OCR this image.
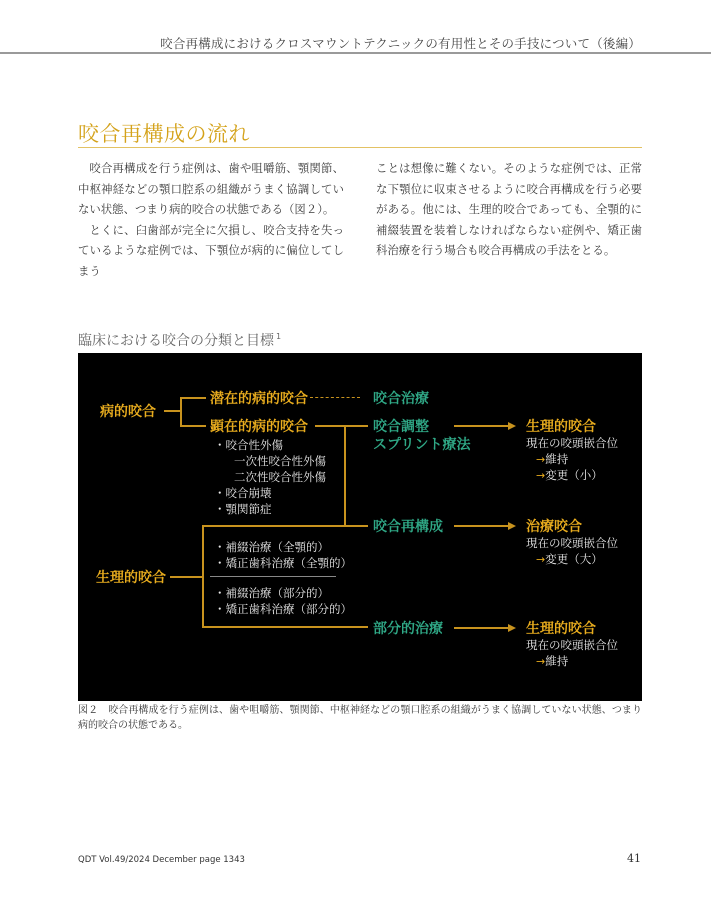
咬合再構成におけるクロスマウントテクニックの有用性とその手技について（後編）
咬合再構成の流れ

咬合再構成を行う症例は、歯や咀嚼筋、顎関節、中枢神経などの顎口腔系の組織がうまく協調していない状態、つまり病的咬合の状態である（図２）。

とくに、臼歯部が完全に欠損し、咬合支持を失っているような症例では、下顎位が病的に偏位してしまう

ことは想像に難くない。そのような症例では、正常な下顎位に収束させるように咬合再構成を行う必要がある。他には、生理的咬合であっても、全顎的に補綴装置を装着しなければならない症例や、矯正歯科治療を行う場合も咬合再構成の手法をとる。

臨床における咬合の分類と目標 $^1$
病的咬合
潜在的病的咬合	咬合治療
顕在的病的咬合
・咬合性外傷
一次性咬合性外傷
二次性咬合性外傷
・咬合崩壊
・顎関節症
咬合調整
スプリント療法
生理的咬合
現在の咬頭嵌合位
→維持
→変更（小）
生理的咬合
・補綴治療（全顎的）
・矯正歯科治療（全顎的）
・補綴治療（部分的）
・矯正歯科治療（部分的）
咬合再構成	治療咬合
現在の咬頭嵌合位
→変更（大）
部分的治療	生理的咬合
現在の咬頭嵌合位
→維持
図２　咬合再構成を行う症例は、歯や咀嚼筋、顎関節、中枢神経などの顎口腔系の組織がうまく協調していない状態、つまり病的咬合の状態である。
QDT Vol.49/2024 December page 1343	41
